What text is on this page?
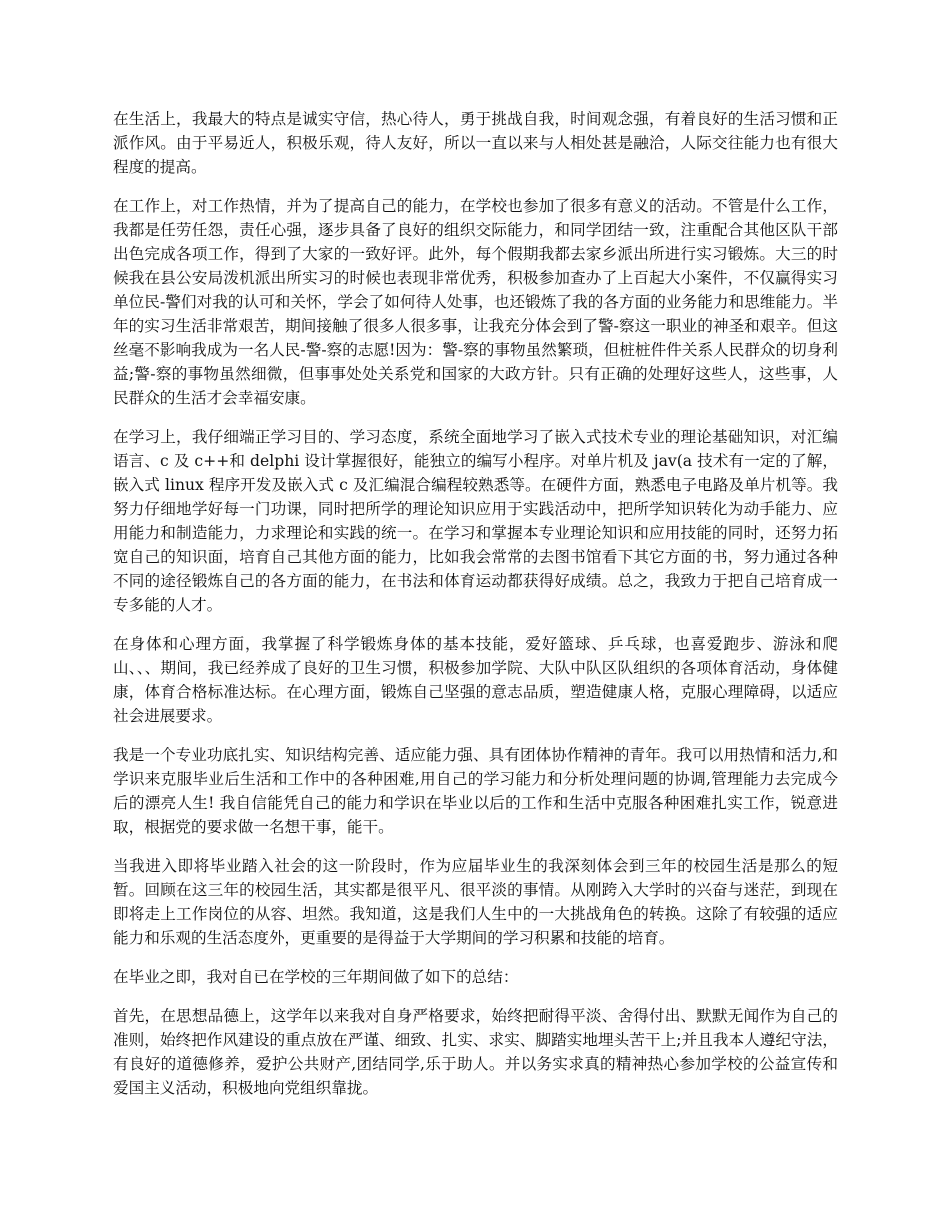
在生活上，我最大的特点是诚实守信，热心待人，勇于挑战自我，时间观念强，有着良好的生活习惯和正派作风。由于平易近人，积极乐观，待人友好，所以一直以来与人相处甚是融洽，人际交往能力也有很大程度的提高。

在工作上，对工作热情，并为了提高自己的能力，在学校也参加了很多有意义的活动。不管是什么工作，我都是任劳任怨，责任心强，逐步具备了良好的组织交际能力，和同学团结一致，注重配合其他区队干部出色完成各项工作，得到了大家的一致好评。此外，每个假期我都去家乡派出所进行实习锻炼。大三的时候我在县公安局泼机派出所实习的时候也表现非常优秀，积极参加查办了上百起大小案件，不仅赢得实习单位民-警们对我的认可和关怀，学会了如何待人处事，也还锻炼了我的各方面的业务能力和思维能力。半年的实习生活非常艰苦，期间接触了很多人很多事，让我充分体会到了警-察这一职业的神圣和艰辛。但这丝毫不影响我成为一名人民-警-察的志愿!因为：警-察的事物虽然繁琐，但桩桩件件关系人民群众的切身利益;警-察的事物虽然细微，但事事处处关系党和国家的大政方针。只有正确的处理好这些人，这些事，人民群众的生活才会幸福安康。

在学习上，我仔细端正学习目的、学习态度，系统全面地学习了嵌入式技术专业的理论基础知识，对汇编语言、c 及 c++和 delphi 设计掌握很好，能独立的编写小程序。对单片机及 jav(a 技术有一定的了解，嵌入式 linux 程序开发及嵌入式 c 及汇编混合编程较熟悉等。在硬件方面，熟悉电子电路及单片机等。我努力仔细地学好每一门功课，同时把所学的理论知识应用于实践活动中，把所学知识转化为动手能力、应用能力和制造能力，力求理论和实践的统一。在学习和掌握本专业理论知识和应用技能的同时，还努力拓宽自己的知识面，培育自己其他方面的能力，比如我会常常的去图书馆看下其它方面的书，努力通过各种不同的途径锻炼自己的各方面的能力，在书法和体育运动都获得好成绩。总之，我致力于把自己培育成一专多能的人才。

在身体和心理方面，我掌握了科学锻炼身体的基本技能，爱好篮球、乒乓球，也喜爱跑步、游泳和爬山、、、期间，我已经养成了良好的卫生习惯，积极参加学院、大队中队区队组织的各项体育活动，身体健康，体育合格标准达标。在心理方面，锻炼自己坚强的意志品质，塑造健康人格，克服心理障碍，以适应社会进展要求。

我是一个专业功底扎实、知识结构完善、适应能力强、具有团体协作精神的青年。我可以用热情和活力,和学识来克服毕业后生活和工作中的各种困难,用自己的学习能力和分析处理问题的协调,管理能力去完成今后的漂亮人生! 我自信能凭自己的能力和学识在毕业以后的工作和生活中克服各种困难扎实工作，锐意进取，根据党的要求做一名想干事，能干。

当我进入即将毕业踏入社会的这一阶段时，作为应届毕业生的我深刻体会到三年的校园生活是那么的短暂。回顾在这三年的校园生活，其实都是很平凡、很平淡的事情。从刚跨入大学时的兴奋与迷茫，到现在即将走上工作岗位的从容、坦然。我知道，这是我们人生中的一大挑战角色的转换。这除了有较强的适应能力和乐观的生活态度外，更重要的是得益于大学期间的学习积累和技能的培育。

在毕业之即，我对自已在学校的三年期间做了如下的总结：

首先，在思想品德上，这学年以来我对自身严格要求，始终把耐得平淡、舍得付出、默默无闻作为自己的准则，始终把作风建设的重点放在严谨、细致、扎实、求实、脚踏实地埋头苦干上;并且我本人遵纪守法，有良好的道德修养，爱护公共财产,团结同学,乐于助人。并以务实求真的精神热心参加学校的公益宣传和爱国主义活动，积极地向党组织靠拢。
